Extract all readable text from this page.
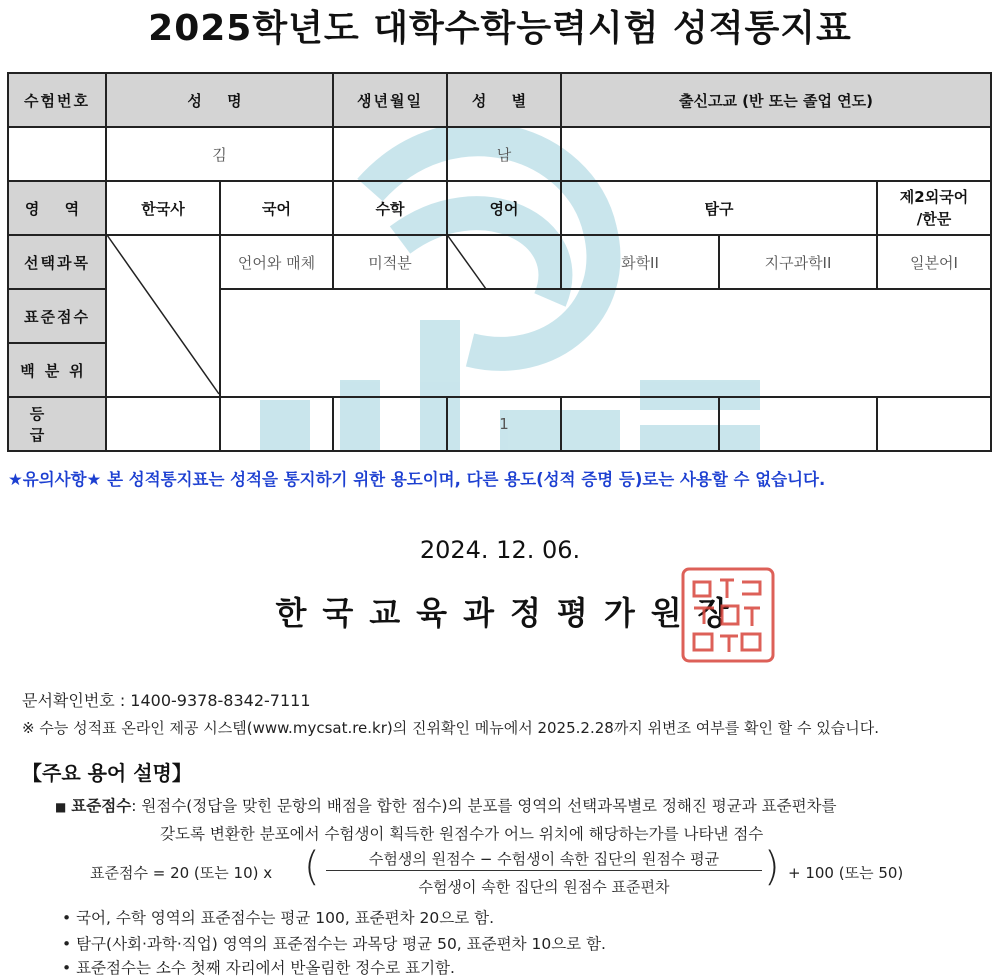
2025학년도 대학수학능력시험 성적통지표
수험번호	성 명		생년월일	성 별	출신고교 (반 또는 졸업 연도)		
	김			남			
영 역	한국사	국어	수학	영어	탐구		제2외국어
/한문
선택과목		언어와 매체	미적분		화학II	지구과학II	일본어I
표준점수							
백분위							
등 급				1			
★유의사항★ 본 성적통지표는 성적을 통지하기 위한 용도이며, 다른 용도(성적 증명 등)로는 사용할 수 없습니다.
2024. 12. 06.
한국교육과정평가원장
문서확인번호 : 1400-9378-8342-7111
※ 수능 성적표 온라인 제공 시스템(www.mycsat.re.kr)의 진위확인 메뉴에서 2025.2.28까지 위변조 여부를 확인 할 수 있습니다.
【주요 용어 설명】
■ 표준점수: 원점수(정답을 맞힌 문항의 배점을 합한 점수)의 분포를 영역의 선택과목별로 정해진 평균과 표준편차를
갖도록 변환한 분포에서 수험생이 획득한 원점수가 어느 위치에 해당하는가를 나타낸 점수
표준점수 = 20 (또는 10) x (	수험생의 원점수 − 수험생이 속한 집단의 원점수 평균
수험생이 속한 집단의 원점수 표준편차	) + 100 (또는 50)
• 국어, 수학 영역의 표준점수는 평균 100, 표준편차 20으로 함.
• 탐구(사회·과학·직업) 영역의 표준점수는 과목당 평균 50, 표준편차 10으로 함.
• 표준점수는 소수 첫째 자리에서 반올림한 정수로 표기함.
